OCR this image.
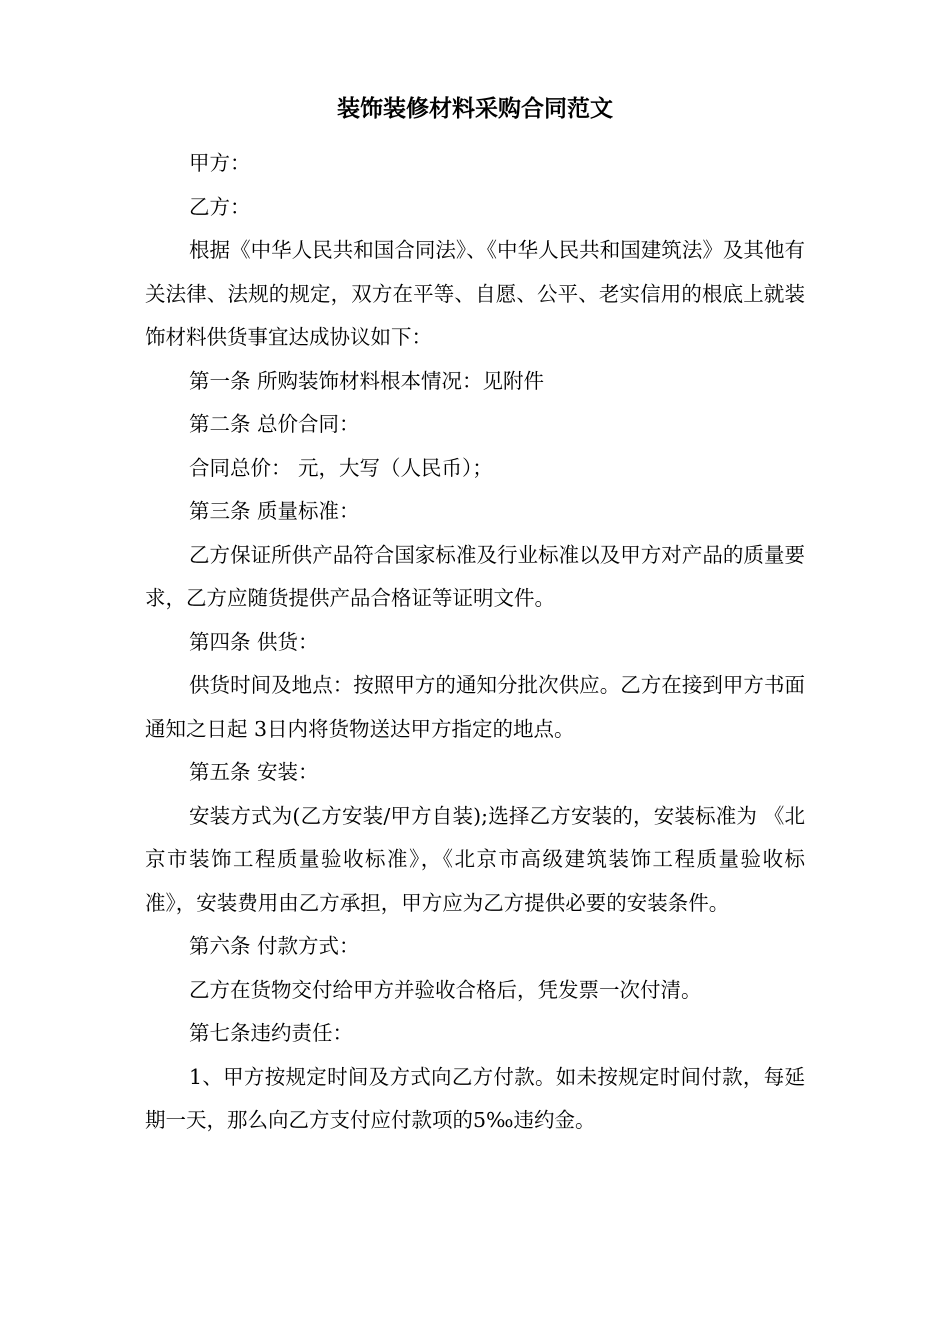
装饰装修材料采购合同范文

甲方：

乙方：

根据《中华人民共和国合同法》、《中华人民共和国建筑法》及其他有关法律、法规的规定，双方在平等、自愿、公平、老实信用的根底上就装饰材料供货事宜达成协议如下：

第一条 所购装饰材料根本情况：见附件

第二条 总价合同：

合同总价： 元，大写（人民币）；

第三条 质量标准：

乙方保证所供产品符合国家标准及行业标准以及甲方对产品的质量要求，乙方应随货提供产品合格证等证明文件。

第四条 供货：

供货时间及地点：按照甲方的通知分批次供应。乙方在接到甲方书面通知之日起 3日内将货物送达甲方指定的地点。

第五条 安装：

安装方式为(乙方安装/甲方自装);选择乙方安装的，安装标准为 《北京市装饰工程质量验收标准》，《北京市高级建筑装饰工程质量验收标准》，安装费用由乙方承担，甲方应为乙方提供必要的安装条件。

第六条 付款方式：

乙方在货物交付给甲方并验收合格后，凭发票一次付清。

第七条违约责任：

1、甲方按规定时间及方式向乙方付款。如未按规定时间付款，每延期一天，那么向乙方支付应付款项的5‰违约金。
